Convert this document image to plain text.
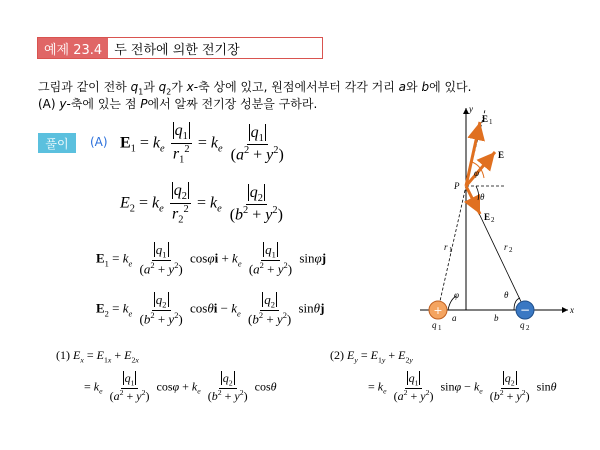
예제 23.4 두 전하에 의한 전기장
그림과 같이 전하 $q_1$과 $q_2$가 x-축 상에 있고, 원점에서부터 각각 거리 a와 b에 있다.
(A) y-축에 있는 점 P에서 알짜 전기장 성분을 구하라.
풀이	(A) $E_1 = k_e \frac{q_1}{r_1^2} = k_e \frac{q_1}{(a^2 + y^2)}$
$E_2 = k_e \frac{q_2}{r_2^2} = k_e \frac{q_2}{(b^2 + y^2)}$
$E_1 = k_e \frac{q_1}{(a^2 + y^2)}$ $\cos\varphi i + k_e \frac{q_1}{(a^2 + y^2)}$ sinφj
$E_2 = k_e \frac{q_2}{(b^2 + y^2)}$ $\cos\theta i - k_e \frac{q_2}{(b^2 + y^2)}$ sinθj
(1) $E_x = E_{1x} + E_{2x}$
= $k_e \frac{q_1}{(a^2 + y^2)}$ $\cos\varphi + k_e \frac{q_2}{(b^2 + y^2)}$ cosθ
(2) $E_y = E_{1y} + E_{2y}$
= $k_e \frac{q_1}{(a^2 + y^2)}$ $\sin\varphi - k_e \frac{q_2}{(b^2 + y^2)}$ sinθ
+	−
y
x
P
E 1
E
E 2
φ
θ
r 1	r 2
φ	θ
a	b
q 1	q 2
